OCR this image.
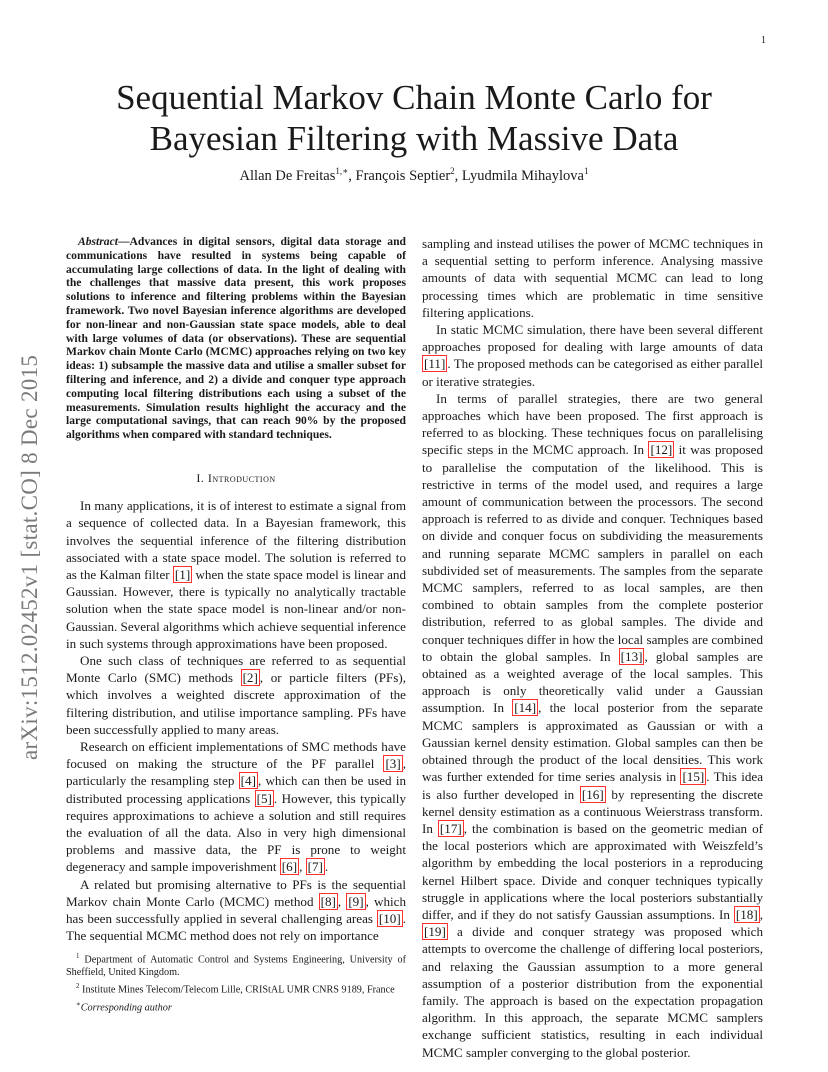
1
arXiv:1512.02452v1 [stat.CO] 8 Dec 2015
Sequential Markov Chain Monte Carlo for Bayesian Filtering with Massive Data
Allan De Freitas$^{1,∗}$, François Septier$^2$, Lyudmila Mihaylova$^1$

Abstract—Advances in digital sensors, digital data storage and communications have resulted in systems being capable of accumulating large collections of data. In the light of dealing with the challenges that massive data present, this work proposes solutions to inference and filtering problems within the Bayesian framework. Two novel Bayesian inference algorithms are developed for non-linear and non-Gaussian state space models, able to deal with large volumes of data (or observations). These are sequential Markov chain Monte Carlo (MCMC) approaches relying on two key ideas: 1) subsample the massive data and utilise a smaller subset for filtering and inference, and 2) a divide and conquer type approach computing local filtering distributions each using a subset of the measurements. Simulation results highlight the accuracy and the large computational savings, that can reach 90% by the proposed algorithms when compared with standard techniques.

I. Introduction

In many applications, it is of interest to estimate a signal from a sequence of collected data. In a Bayesian framework, this involves the sequential inference of the filtering distribution associated with a state space model. The solution is referred to as the Kalman filter [1] when the state space model is linear and Gaussian. However, there is typically no analytically tractable solution when the state space model is non-linear and/or non-Gaussian. Several algorithms which achieve sequential inference in such systems through approximations have been proposed.

One such class of techniques are referred to as sequential Monte Carlo (SMC) methods [2] , or particle filters (PFs), which involves a weighted discrete approximation of the filtering distribution, and utilise importance sampling. PFs have been successfully applied to many areas.

Research on efficient implementations of SMC methods have focused on making the structure of the PF parallel [3] , particularly the resampling step [4] , which can then be used in distributed processing applications [5] . However, this typically requires approximations to achieve a solution and still requires the evaluation of all the data. Also in very high dimensional problems and massive data, the PF is prone to weight degeneracy and sample impoverishment [6] , [7] .

A related but promising alternative to PFs is the sequential Markov chain Monte Carlo (MCMC) method [8] , [9] , which has been successfully applied in several challenging areas [10] . The sequential MCMC method does not rely on importance

sampling and instead utilises the power of MCMC techniques in a sequential setting to perform inference. Analysing massive amounts of data with sequential MCMC can lead to long processing times which are problematic in time sensitive filtering applications.

In static MCMC simulation, there have been several different approaches proposed for dealing with large amounts of data [11] . The proposed methods can be categorised as either parallel or iterative strategies.

In terms of parallel strategies, there are two general approaches which have been proposed. The first approach is referred to as blocking. These techniques focus on parallelising specific steps in the MCMC approach. In [12] it was proposed to parallelise the computation of the likelihood. This is restrictive in terms of the model used, and requires a large amount of communication between the processors. The second approach is referred to as divide and conquer. Techniques based on divide and conquer focus on subdividing the measurements and running separate MCMC samplers in parallel on each subdivided set of measurements. The samples from the separate MCMC samplers, referred to as local samples, are then combined to obtain samples from the complete posterior distribution, referred to as global samples. The divide and conquer techniques differ in how the local samples are combined to obtain the global samples. In [13] , global samples are obtained as a weighted average of the local samples. This approach is only theoretically valid under a Gaussian assumption. In [14] , the local posterior from the separate MCMC samplers is approximated as Gaussian or with a Gaussian kernel density estimation. Global samples can then be obtained through the product of the local densities. This work was further extended for time series analysis in [15] . This idea is also further developed in [16] by representing the discrete kernel density estimation as a continuous Weierstrass transform. In [17] , the combination is based on the geometric median of the local posteriors which are approximated with Weiszfeld’s algorithm by embedding the local posteriors in a reproducing kernel Hilbert space. Divide and conquer techniques typically struggle in applications where the local posteriors substantially differ, and if they do not satisfy Gaussian assumptions. In [18] , [19] a divide and conquer strategy was proposed which attempts to overcome the challenge of differing local posteriors, and relaxing the Gaussian assumption to a more general assumption of a posterior distribution from the exponential family. The approach is based on the expectation propagation algorithm. In this approach, the separate MCMC samplers exchange sufficient statistics, resulting in each individual MCMC sampler converging to the global posterior.

$^1$ Department of Automatic Control and Systems Engineering, University of Sheffield, United Kingdom.

$^2$ Institute Mines Telecom/Telecom Lille, CRIStAL UMR CNRS 9189, France

∗Corresponding author
